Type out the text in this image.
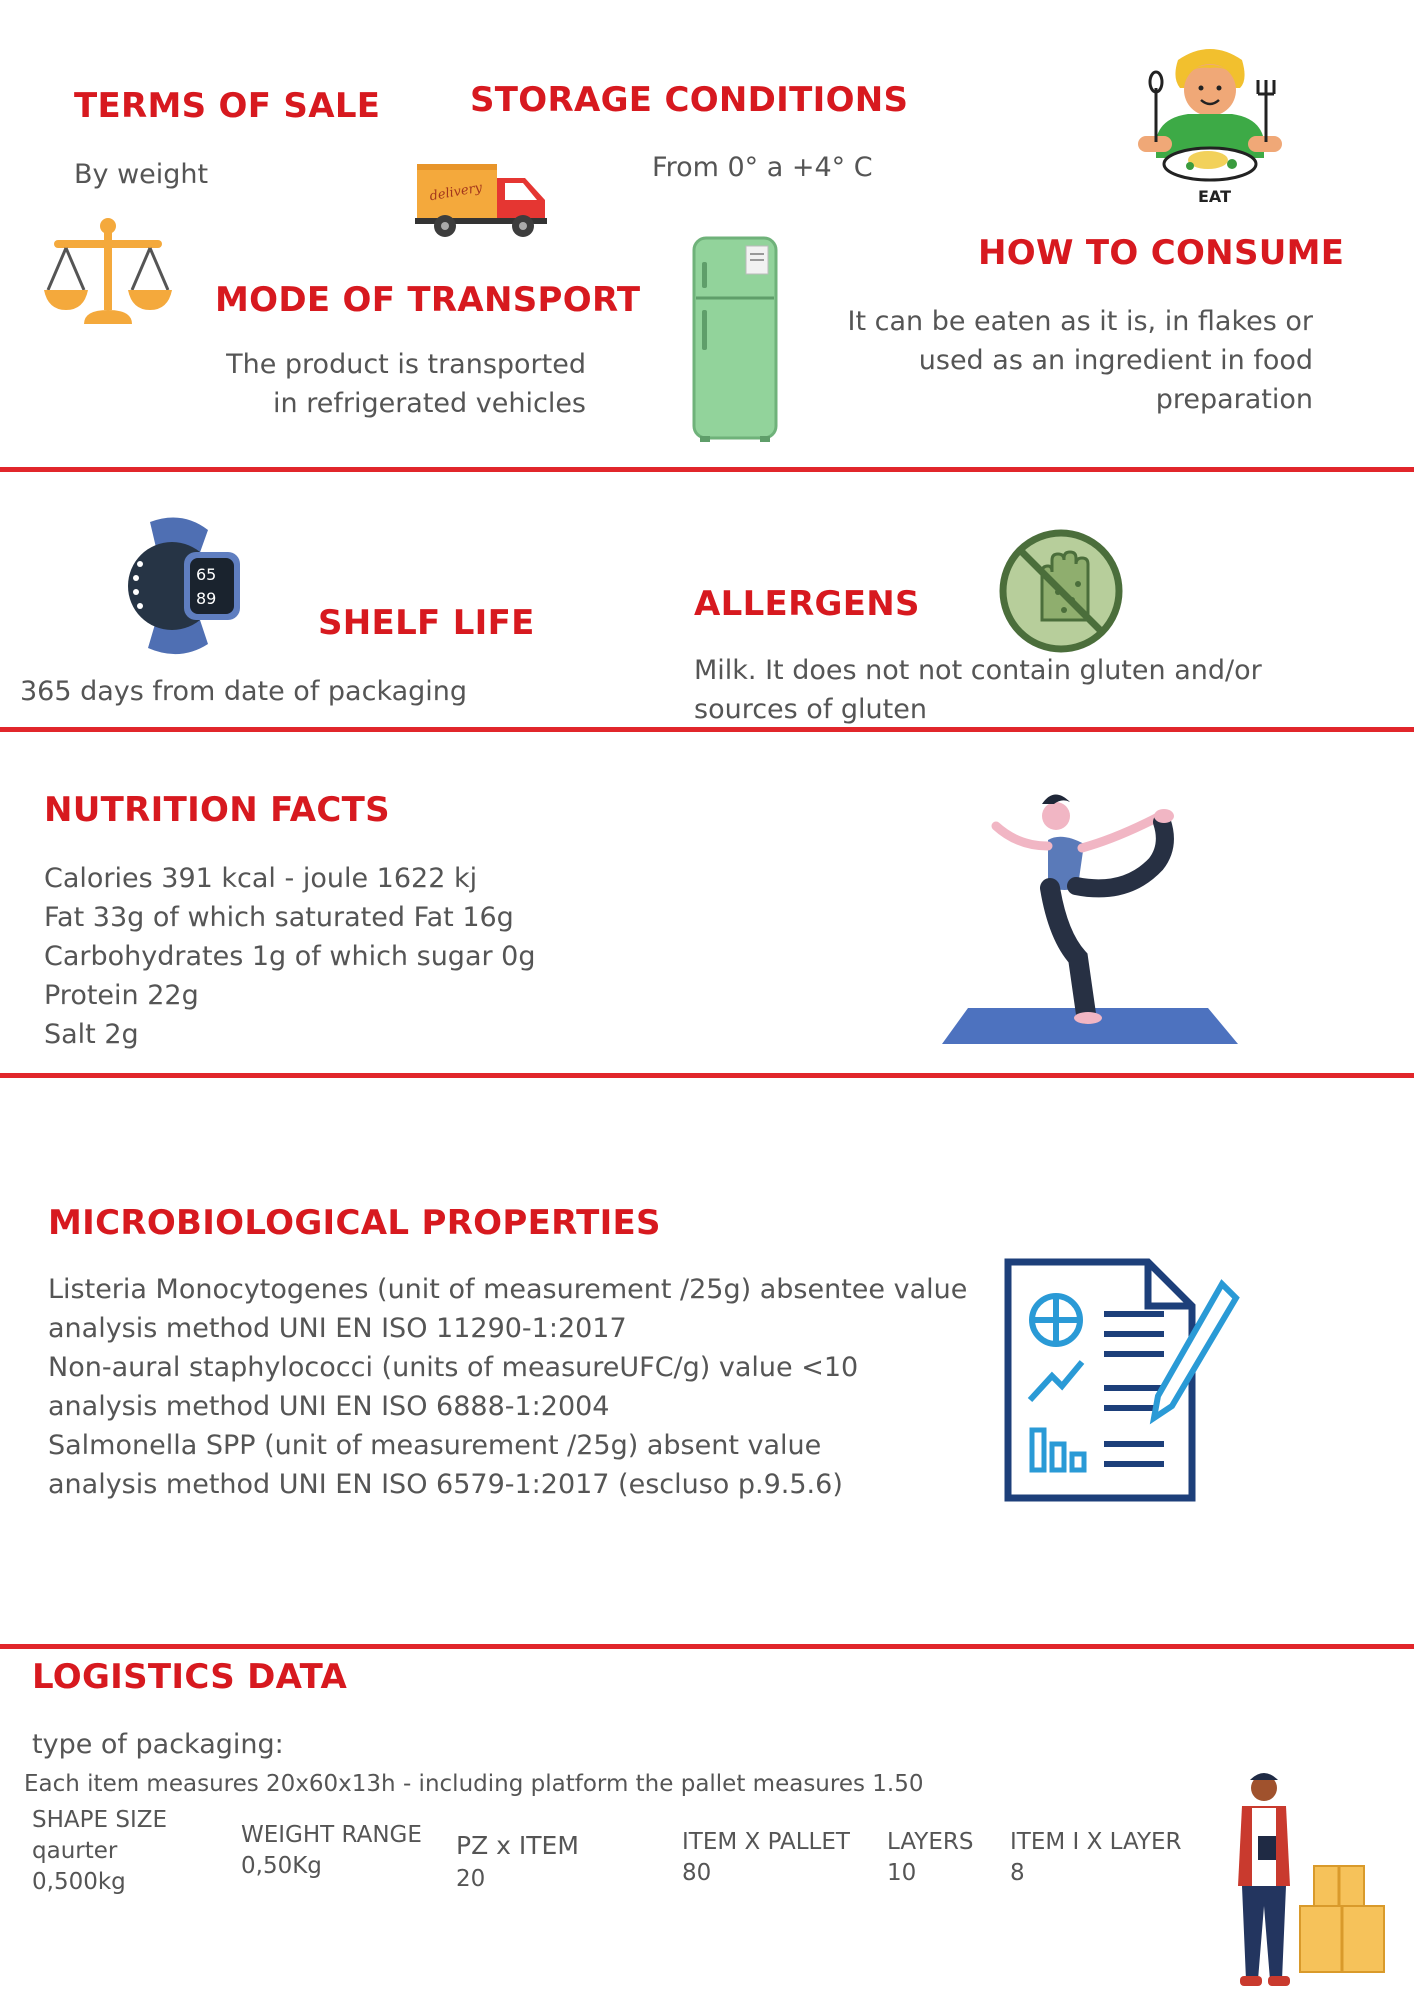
TERMS OF SALE
By weight
STORAGE CONDITIONS
From 0° a +4° C
delivery	EAT
HOW TO CONSUME
It can be eaten as it is, in flakes or
used as an ingredient in food
preparation
MODE OF TRANSPORT
The product is transported
in refrigerated vehicles
65
89
SHELF LIFE
365 days from date of packaging
ALLERGENS
Milk. It does not not contain gluten and/or
sources of gluten
NUTRITION FACTS
Calories 391 kcal - joule 1622 kj
Fat 33g of which saturated Fat 16g
Carbohydrates 1g of which sugar 0g
Protein 22g
Salt 2g
MICROBIOLOGICAL PROPERTIES
Listeria Monocytogenes (unit of measurement /25g) absentee value
analysis method UNI EN ISO 11290-1:2017
Non-aural staphylococci (units of measureUFC/g) value <10
analysis method UNI EN ISO 6888-1:2004
Salmonella SPP (unit of measurement /25g) absent value
analysis method UNI EN ISO 6579-1:2017 (escluso p.9.5.6)
LOGISTICS DATA
type of packaging:
Each item measures 20x60x13h - including platform the pallet measures 1.50
SHAPE SIZE
qaurter
0,500kg
WEIGHT RANGE
0,50Kg
PZ x ITEM
20
ITEM X PALLET
80
LAYERS
10
ITEM I X LAYER
8
